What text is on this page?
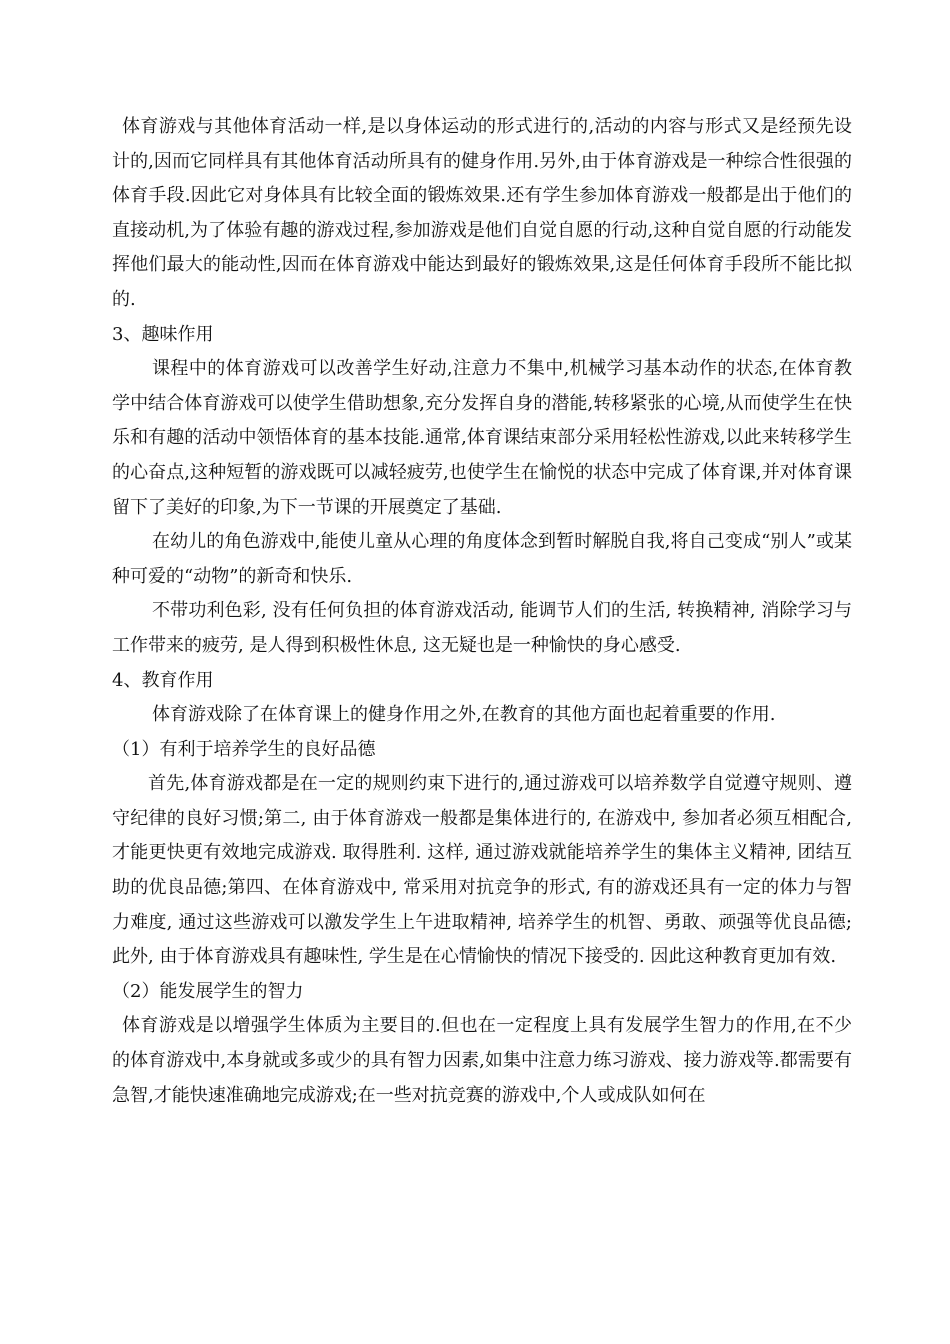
体育游戏与其他体育活动一样,是以身体运动的形式进行的,活动的内容与形式又是经预先设计的,因而它同样具有其他体育活动所具有的健身作用.另外,由于体育游戏是一种综合性很强的体育手段.因此它对身体具有比较全面的锻炼效果.还有学生参加体育游戏一般都是出于他们的直接动机,为了体验有趣的游戏过程,参加游戏是他们自觉自愿的行动,这种自觉自愿的行动能发挥他们最大的能动性,因而在体育游戏中能达到最好的锻炼效果,这是任何体育手段所不能比拟的.

3、趣味作用

课程中的体育游戏可以改善学生好动,注意力不集中,机械学习基本动作的状态,在体育教学中结合体育游戏可以使学生借助想象,充分发挥自身的潜能,转移紧张的心境,从而使学生在快乐和有趣的活动中领悟体育的基本技能.通常,体育课结束部分采用轻松性游戏,以此来转移学生的心奋点,这种短暂的游戏既可以减轻疲劳,也使学生在愉悦的状态中完成了体育课,并对体育课留下了美好的印象,为下一节课的开展奠定了基础.

在幼儿的角色游戏中,能使儿童从心理的角度体念到暂时解脱自我,将自己变成“别人”或某种可爱的“动物”的新奇和快乐.

不带功利色彩, 没有任何负担的体育游戏活动, 能调节人们的生活, 转换精神, 消除学习与工作带来的疲劳, 是人得到积极性休息, 这无疑也是一种愉快的身心感受.

4、教育作用

体育游戏除了在体育课上的健身作用之外,在教育的其他方面也起着重要的作用.

（1）有利于培养学生的良好品德

首先,体育游戏都是在一定的规则约束下进行的,通过游戏可以培养数学自觉遵守规则、遵守纪律的良好习惯;第二, 由于体育游戏一般都是集体进行的, 在游戏中, 参加者必须互相配合, 才能更快更有效地完成游戏. 取得胜利. 这样, 通过游戏就能培养学生的集体主义精神, 团结互助的优良品德;第四、在体育游戏中, 常采用对抗竞争的形式, 有的游戏还具有一定的体力与智力难度, 通过这些游戏可以激发学生上午进取精神, 培养学生的机智、勇敢、顽强等优良品德;此外, 由于体育游戏具有趣味性, 学生是在心情愉快的情况下接受的. 因此这种教育更加有效.

（2）能发展学生的智力

体育游戏是以增强学生体质为主要目的.但也在一定程度上具有发展学生智力的作用,在不少的体育游戏中,本身就或多或少的具有智力因素,如集中注意力练习游戏、接力游戏等.都需要有急智,才能快速准确地完成游戏;在一些对抗竞赛的游戏中,个人或成队如何在
